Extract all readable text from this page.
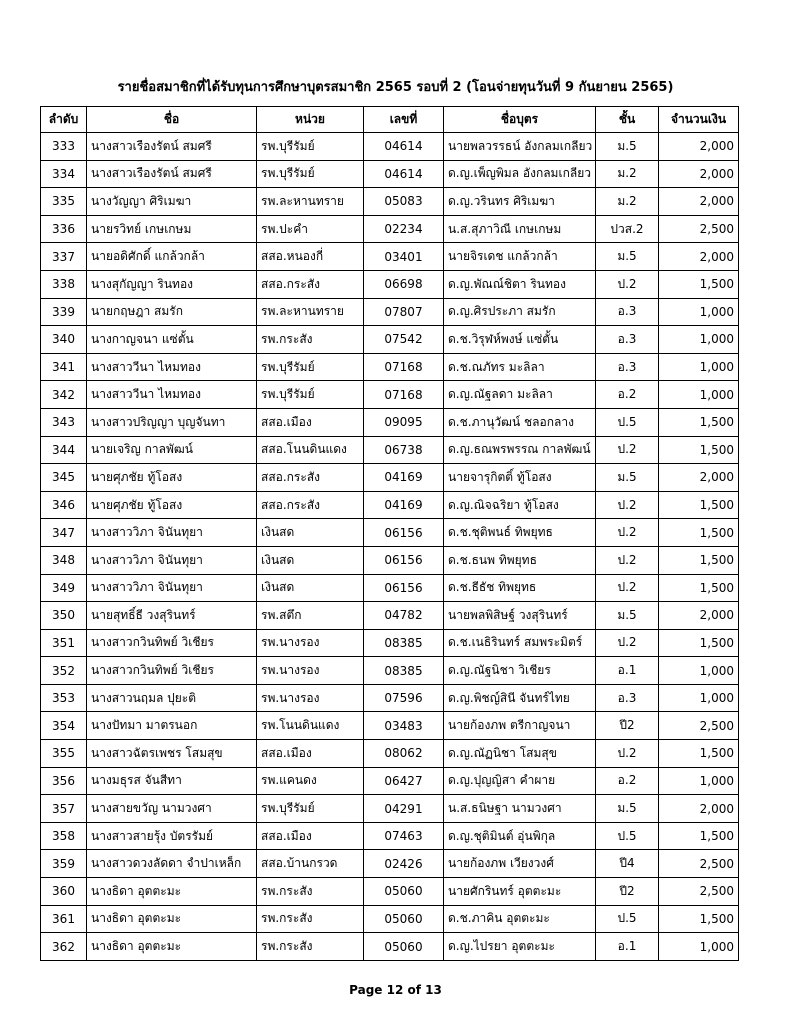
รายชื่อสมาชิกที่ได้รับทุนการศึกษาบุตรสมาชิก 2565 รอบที่ 2 (โอนจ่ายทุนวันที่ 9 กันยายน 2565)
ลำดับ	ชื่อ	หน่วย	เลขที่	ชื่อบุตร	ชั้น	จำนวนเงิน
333	นางสาวเรืองรัตน์ สมศรี	รพ.บุรีรัมย์	04614	นายพลวรรธน์ อังกลมเกลียว	ม.5	2,000
334	นางสาวเรืองรัตน์ สมศรี	รพ.บุรีรัมย์	04614	ด.ญ.เพ็ญพิมล อังกลมเกลียว	ม.2	2,000
335	นางวัญญา ศิริเมฆา	รพ.ละหานทราย	05083	ด.ญ.วรินทร ศิริเมฆา	ม.2	2,000
336	นายรวิทย์ เกษเกษม	รพ.ปะคำ	02234	น.ส.สุภาวิณี เกษเกษม	ปวส.2	2,500
337	นายอดิศักดิ์ แกล้วกล้า	สสอ.หนองกี่	03401	นายจิรเดช แกล้วกล้า	ม.5	2,000
338	นางสุกัญญา รินทอง	สสอ.กระสัง	06698	ด.ญ.พัณณ์ชิตา รินทอง	ป.2	1,500
339	นายกฤษฎา สมรัก	รพ.ละหานทราย	07807	ด.ญ.ศิรประภา สมรัก	อ.3	1,000
340	นางกาญจนา แซ่ตั้น	รพ.กระสัง	07542	ด.ช.วิรุฬห์พงษ์ แซ่ตั้น	อ.3	1,000
341	นางสาววีนา ไหมทอง	รพ.บุรีรัมย์	07168	ด.ช.ณภัทร มะลิลา	อ.3	1,000
342	นางสาววีนา ไหมทอง	รพ.บุรีรัมย์	07168	ด.ญ.ณัฐลดา มะลิลา	อ.2	1,000
343	นางสาวปริญญา บุญจันทา	สสอ.เมือง	09095	ด.ช.ภานุวัฒน์ ชลอกลาง	ป.5	1,500
344	นายเจริญ กาลพัฒน์	สสอ.โนนดินแดง	06738	ด.ญ.ธณพรพรรณ กาลพัฒน์	ป.2	1,500
345	นายศุภชัย ทู้โอสง	สสอ.กระสัง	04169	นายจารุกิตติ์ ทู้โอสง	ม.5	2,000
346	นายศุภชัย ทู้โอสง	สสอ.กระสัง	04169	ด.ญ.ณิจฉริยา ทู้โอสง	ป.2	1,500
347	นางสาววิภา จินันทุยา	เงินสด	06156	ด.ช.ชุติพนธ์ ทิพยุทธ	ป.2	1,500
348	นางสาววิภา จินันทุยา	เงินสด	06156	ด.ช.ธนพ ทิพยุทธ	ป.2	1,500
349	นางสาววิภา จินันทุยา	เงินสด	06156	ด.ช.ธีธัช ทิพยุทธ	ป.2	1,500
350	นายสุทธิ์ธี วงสุรินทร์	รพ.สตึก	04782	นายพลพิสิษฐ์ วงสุรินทร์	ม.5	2,000
351	นางสาวกวินทิพย์ วิเชียร	รพ.นางรอง	08385	ด.ช.เนธิรินทร์ สมพระมิตร์	ป.2	1,500
352	นางสาวกวินทิพย์ วิเชียร	รพ.นางรอง	08385	ด.ญ.ณัฐนิชา วิเชียร	อ.1	1,000
353	นางสาวนฤมล ปุยะติ	รพ.นางรอง	07596	ด.ญ.พิชญ์สินี จันทร์ไทย	อ.3	1,000
354	นางปัทมา มาตรนอก	รพ.โนนดินแดง	03483	นายก้องภพ ตรีกาญจนา	ปี2	2,500
355	นางสาวฉัตรเพชร โสมสุข	สสอ.เมือง	08062	ด.ญ.ณัฏนิชา โสมสุข	ป.2	1,500
356	นางมธุรส จันสีทา	รพ.แคนดง	06427	ด.ญ.ปุญญิสา คำผาย	อ.2	1,000
357	นางสายขวัญ นามวงศา	รพ.บุรีรัมย์	04291	น.ส.ธนิษฐา นามวงศา	ม.5	2,000
358	นางสาวสายรุ้ง บัตรรัมย์	สสอ.เมือง	07463	ด.ญ.ชุติมินต์ อุ่นพิกุล	ป.5	1,500
359	นางสาวดวงลัดดา จำปาเหล็ก	สสอ.บ้านกรวด	02426	นายก้องภพ เวียงวงศ์	ปี4	2,500
360	นางธิดา อุตตะมะ	รพ.กระสัง	05060	นายศักรินทร์ อุตตะมะ	ปี2	2,500
361	นางธิดา อุตตะมะ	รพ.กระสัง	05060	ด.ช.ภาคิน อุตตะมะ	ป.5	1,500
362	นางธิดา อุตตะมะ	รพ.กระสัง	05060	ด.ญ.ไปรยา อุตตะมะ	อ.1	1,000
Page 12 of 13
